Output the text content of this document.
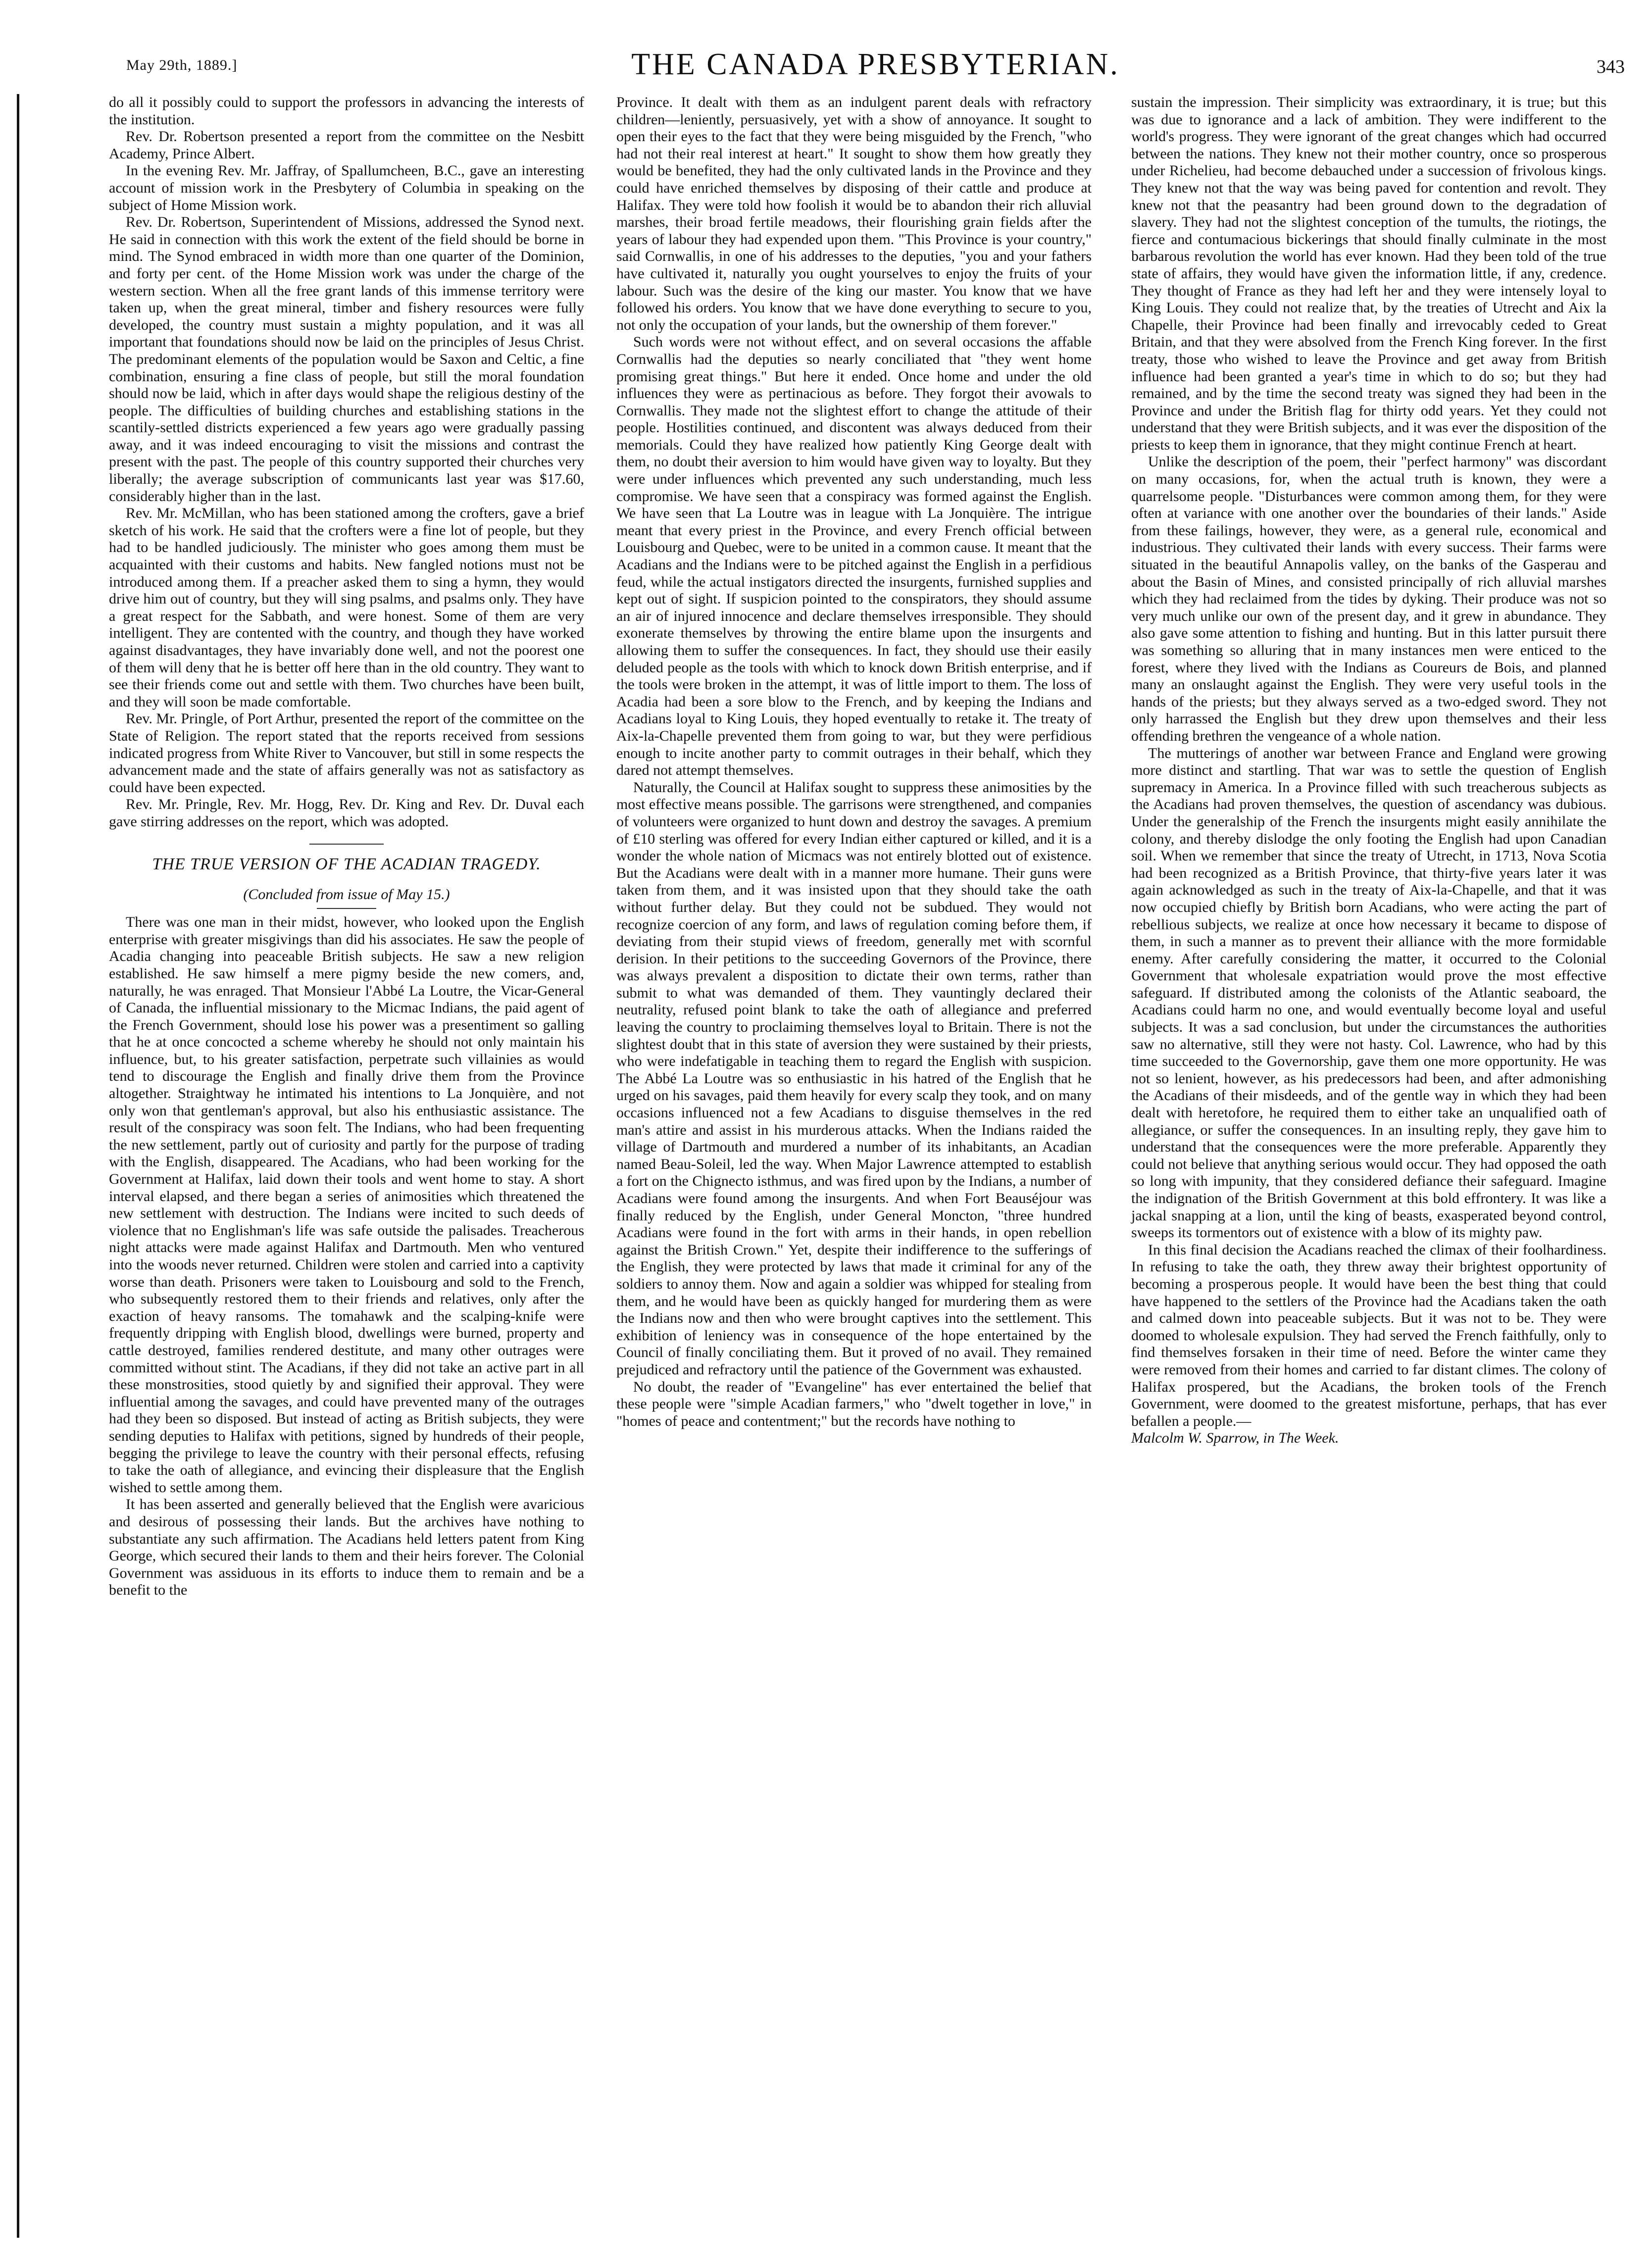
May 29th, 1889.]	THE CANADA PRESBYTERIAN.	343

do all it possibly could to support the professors in advancing the interests of the institution.

Rev. Dr. Robertson presented a report from the committee on the Nesbitt Academy, Prince Albert.

In the evening Rev. Mr. Jaffray, of Spallumcheen, B.C., gave an interesting account of mission work in the Presbytery of Columbia in speaking on the subject of Home Mission work.

Rev. Dr. Robertson, Superintendent of Missions, addressed the Synod next. He said in connection with this work the extent of the field should be borne in mind. The Synod embraced in width more than one quarter of the Dominion, and forty per cent. of the Home Mission work was under the charge of the western section. When all the free grant lands of this immense territory were taken up, when the great mineral, timber and fishery resources were fully developed, the country must sustain a mighty population, and it was all important that foundations should now be laid on the principles of Jesus Christ. The predominant elements of the population would be Saxon and Celtic, a fine combination, ensuring a fine class of people, but still the moral foundation should now be laid, which in after days would shape the religious destiny of the people. The difficulties of building churches and establishing stations in the scantily-settled districts experienced a few years ago were gradually passing away, and it was indeed encouraging to visit the missions and contrast the present with the past. The people of this country supported their churches very liberally; the average subscription of communicants last year was $17.60, considerably higher than in the last.

Rev. Mr. McMillan, who has been stationed among the crofters, gave a brief sketch of his work. He said that the crofters were a fine lot of people, but they had to be handled judiciously. The minister who goes among them must be acquainted with their customs and habits. New fangled notions must not be introduced among them. If a preacher asked them to sing a hymn, they would drive him out of country, but they will sing psalms, and psalms only. They have a great respect for the Sabbath, and were honest. Some of them are very intelligent. They are contented with the country, and though they have worked against disadvantages, they have invariably done well, and not the poorest one of them will deny that he is better off here than in the old country. They want to see their friends come out and settle with them. Two churches have been built, and they will soon be made comfortable.

Rev. Mr. Pringle, of Port Arthur, presented the report of the committee on the State of Religion. The report stated that the reports received from sessions indicated progress from White River to Vancouver, but still in some respects the advancement made and the state of affairs generally was not as satisfactory as could have been expected.

Rev. Mr. Pringle, Rev. Mr. Hogg, Rev. Dr. King and Rev. Dr. Duval each gave stirring addresses on the report, which was adopted.

THE TRUE VERSION OF THE ACADIAN TRAGEDY.
(Concluded from issue of May 15.)

There was one man in their midst, however, who looked upon the English enterprise with greater misgivings than did his associates. He saw the people of Acadia changing into peaceable British subjects. He saw a new religion established. He saw himself a mere pigmy beside the new comers, and, naturally, he was enraged. That Monsieur l'Abbé La Loutre, the Vicar-General of Canada, the influential missionary to the Micmac Indians, the paid agent of the French Government, should lose his power was a presentiment so galling that he at once concocted a scheme whereby he should not only maintain his influence, but, to his greater satisfaction, perpetrate such villainies as would tend to discourage the English and finally drive them from the Province altogether. Straightway he intimated his intentions to La Jonquière, and not only won that gentleman's approval, but also his enthusiastic assistance. The result of the conspiracy was soon felt. The Indians, who had been frequenting the new settlement, partly out of curiosity and partly for the purpose of trading with the English, disappeared. The Acadians, who had been working for the Government at Halifax, laid down their tools and went home to stay. A short interval elapsed, and there began a series of animosities which threatened the new settlement with destruction. The Indians were incited to such deeds of violence that no Englishman's life was safe outside the palisades. Treacherous night attacks were made against Halifax and Dartmouth. Men who ventured into the woods never returned. Children were stolen and carried into a captivity worse than death. Prisoners were taken to Louisbourg and sold to the French, who subsequently restored them to their friends and relatives, only after the exaction of heavy ransoms. The tomahawk and the scalping-knife were frequently dripping with English blood, dwellings were burned, property and cattle destroyed, families rendered destitute, and many other outrages were committed without stint. The Acadians, if they did not take an active part in all these monstrosities, stood quietly by and signified their approval. They were influential among the savages, and could have prevented many of the outrages had they been so disposed. But instead of acting as British subjects, they were sending deputies to Halifax with petitions, signed by hundreds of their people, begging the privilege to leave the country with their personal effects, refusing to take the oath of allegiance, and evincing their displeasure that the English wished to settle among them.

It has been asserted and generally believed that the English were avaricious and desirous of possessing their lands. But the archives have nothing to substantiate any such affirmation. The Acadians held letters patent from King George, which secured their lands to them and their heirs forever. The Colonial Government was assiduous in its efforts to induce them to remain and be a benefit to the

Province. It dealt with them as an indulgent parent deals with refractory children—leniently, persuasively, yet with a show of annoyance. It sought to open their eyes to the fact that they were being misguided by the French, "who had not their real interest at heart." It sought to show them how greatly they would be benefited, they had the only cultivated lands in the Province and they could have enriched themselves by disposing of their cattle and produce at Halifax. They were told how foolish it would be to abandon their rich alluvial marshes, their broad fertile meadows, their flourishing grain fields after the years of labour they had expended upon them. "This Province is your country," said Cornwallis, in one of his addresses to the deputies, "you and your fathers have cultivated it, naturally you ought yourselves to enjoy the fruits of your labour. Such was the desire of the king our master. You know that we have followed his orders. You know that we have done everything to secure to you, not only the occupation of your lands, but the ownership of them forever."

Such words were not without effect, and on several occasions the affable Cornwallis had the deputies so nearly conciliated that "they went home promising great things." But here it ended. Once home and under the old influences they were as pertinacious as before. They forgot their avowals to Cornwallis. They made not the slightest effort to change the attitude of their people. Hostilities continued, and discontent was always deduced from their memorials. Could they have realized how patiently King George dealt with them, no doubt their aversion to him would have given way to loyalty. But they were under influences which prevented any such understanding, much less compromise. We have seen that a conspiracy was formed against the English. We have seen that La Loutre was in league with La Jonquière. The intrigue meant that every priest in the Province, and every French official between Louisbourg and Quebec, were to be united in a common cause. It meant that the Acadians and the Indians were to be pitched against the English in a perfidious feud, while the actual instigators directed the insurgents, furnished supplies and kept out of sight. If suspicion pointed to the conspirators, they should assume an air of injured innocence and declare themselves irresponsible. They should exonerate themselves by throwing the entire blame upon the insurgents and allowing them to suffer the consequences. In fact, they should use their easily deluded people as the tools with which to knock down British enterprise, and if the tools were broken in the attempt, it was of little import to them. The loss of Acadia had been a sore blow to the French, and by keeping the Indians and Acadians loyal to King Louis, they hoped eventually to retake it. The treaty of Aix-la-Chapelle prevented them from going to war, but they were perfidious enough to incite another party to commit outrages in their behalf, which they dared not attempt themselves.

Naturally, the Council at Halifax sought to suppress these animosities by the most effective means possible. The garrisons were strengthened, and companies of volunteers were organized to hunt down and destroy the savages. A premium of £10 sterling was offered for every Indian either captured or killed, and it is a wonder the whole nation of Micmacs was not entirely blotted out of existence. But the Acadians were dealt with in a manner more humane. Their guns were taken from them, and it was insisted upon that they should take the oath without further delay. But they could not be subdued. They would not recognize coercion of any form, and laws of regulation coming before them, if deviating from their stupid views of freedom, generally met with scornful derision. In their petitions to the succeeding Governors of the Province, there was always prevalent a disposition to dictate their own terms, rather than submit to what was demanded of them. They vauntingly declared their neutrality, refused point blank to take the oath of allegiance and preferred leaving the country to proclaiming themselves loyal to Britain. There is not the slightest doubt that in this state of aversion they were sustained by their priests, who were indefatigable in teaching them to regard the English with suspicion. The Abbé La Loutre was so enthusiastic in his hatred of the English that he urged on his savages, paid them heavily for every scalp they took, and on many occasions influenced not a few Acadians to disguise themselves in the red man's attire and assist in his murderous attacks. When the Indians raided the village of Dartmouth and murdered a number of its inhabitants, an Acadian named Beau-Soleil, led the way. When Major Lawrence attempted to establish a fort on the Chignecto isthmus, and was fired upon by the Indians, a number of Acadians were found among the insurgents. And when Fort Beauséjour was finally reduced by the English, under General Moncton, "three hundred Acadians were found in the fort with arms in their hands, in open rebellion against the British Crown." Yet, despite their indifference to the sufferings of the English, they were protected by laws that made it criminal for any of the soldiers to annoy them. Now and again a soldier was whipped for stealing from them, and he would have been as quickly hanged for murdering them as were the Indians now and then who were brought captives into the settlement. This exhibition of leniency was in consequence of the hope entertained by the Council of finally conciliating them. But it proved of no avail. They remained prejudiced and refractory until the patience of the Government was exhausted.

No doubt, the reader of "Evangeline" has ever entertained the belief that these people were "simple Acadian farmers," who "dwelt together in love," in "homes of peace and contentment;" but the records have nothing to

sustain the impression. Their simplicity was extraordinary, it is true; but this was due to ignorance and a lack of ambition. They were indifferent to the world's progress. They were ignorant of the great changes which had occurred between the nations. They knew not their mother country, once so prosperous under Richelieu, had become debauched under a succession of frivolous kings. They knew not that the way was being paved for contention and revolt. They knew not that the peasantry had been ground down to the degradation of slavery. They had not the slightest conception of the tumults, the riotings, the fierce and contumacious bickerings that should finally culminate in the most barbarous revolution the world has ever known. Had they been told of the true state of affairs, they would have given the information little, if any, credence. They thought of France as they had left her and they were intensely loyal to King Louis. They could not realize that, by the treaties of Utrecht and Aix la Chapelle, their Province had been finally and irrevocably ceded to Great Britain, and that they were absolved from the French King forever. In the first treaty, those who wished to leave the Province and get away from British influence had been granted a year's time in which to do so; but they had remained, and by the time the second treaty was signed they had been in the Province and under the British flag for thirty odd years. Yet they could not understand that they were British subjects, and it was ever the disposition of the priests to keep them in ignorance, that they might continue French at heart.

Unlike the description of the poem, their "perfect harmony" was discordant on many occasions, for, when the actual truth is known, they were a quarrelsome people. "Disturbances were common among them, for they were often at variance with one another over the boundaries of their lands." Aside from these failings, however, they were, as a general rule, economical and industrious. They cultivated their lands with every success. Their farms were situated in the beautiful Annapolis valley, on the banks of the Gasperau and about the Basin of Mines, and consisted principally of rich alluvial marshes which they had reclaimed from the tides by dyking. Their produce was not so very much unlike our own of the present day, and it grew in abundance. They also gave some attention to fishing and hunting. But in this latter pursuit there was something so alluring that in many instances men were enticed to the forest, where they lived with the Indians as Coureurs de Bois, and planned many an onslaught against the English. They were very useful tools in the hands of the priests; but they always served as a two-edged sword. They not only harrassed the English but they drew upon themselves and their less offending brethren the vengeance of a whole nation.

The mutterings of another war between France and England were growing more distinct and startling. That war was to settle the question of English supremacy in America. In a Province filled with such treacherous subjects as the Acadians had proven themselves, the question of ascendancy was dubious. Under the generalship of the French the insurgents might easily annihilate the colony, and thereby dislodge the only footing the English had upon Canadian soil. When we remember that since the treaty of Utrecht, in 1713, Nova Scotia had been recognized as a British Province, that thirty-five years later it was again acknowledged as such in the treaty of Aix-la-Chapelle, and that it was now occupied chiefly by British born Acadians, who were acting the part of rebellious subjects, we realize at once how necessary it became to dispose of them, in such a manner as to prevent their alliance with the more formidable enemy. After carefully considering the matter, it occurred to the Colonial Government that wholesale expatriation would prove the most effective safeguard. If distributed among the colonists of the Atlantic seaboard, the Acadians could harm no one, and would eventually become loyal and useful subjects. It was a sad conclusion, but under the circumstances the authorities saw no alternative, still they were not hasty. Col. Lawrence, who had by this time succeeded to the Governorship, gave them one more opportunity. He was not so lenient, however, as his predecessors had been, and after admonishing the Acadians of their misdeeds, and of the gentle way in which they had been dealt with heretofore, he required them to either take an unqualified oath of allegiance, or suffer the consequences. In an insulting reply, they gave him to understand that the consequences were the more preferable. Apparently they could not believe that anything serious would occur. They had opposed the oath so long with impunity, that they considered defiance their safeguard. Imagine the indignation of the British Government at this bold effrontery. It was like a jackal snapping at a lion, until the king of beasts, exasperated beyond control, sweeps its tormentors out of existence with a blow of its mighty paw.

In this final decision the Acadians reached the climax of their foolhardiness. In refusing to take the oath, they threw away their brightest opportunity of becoming a prosperous people. It would have been the best thing that could have happened to the settlers of the Province had the Acadians taken the oath and calmed down into peaceable subjects. But it was not to be. They were doomed to wholesale expulsion. They had served the French faithfully, only to find themselves forsaken in their time of need. Before the winter came they were removed from their homes and carried to far distant climes. The colony of Halifax prospered, but the Acadians, the broken tools of the French Government, were doomed to the greatest misfortune, perhaps, that has ever befallen a people.—

Malcolm W. Sparrow, in The Week.
